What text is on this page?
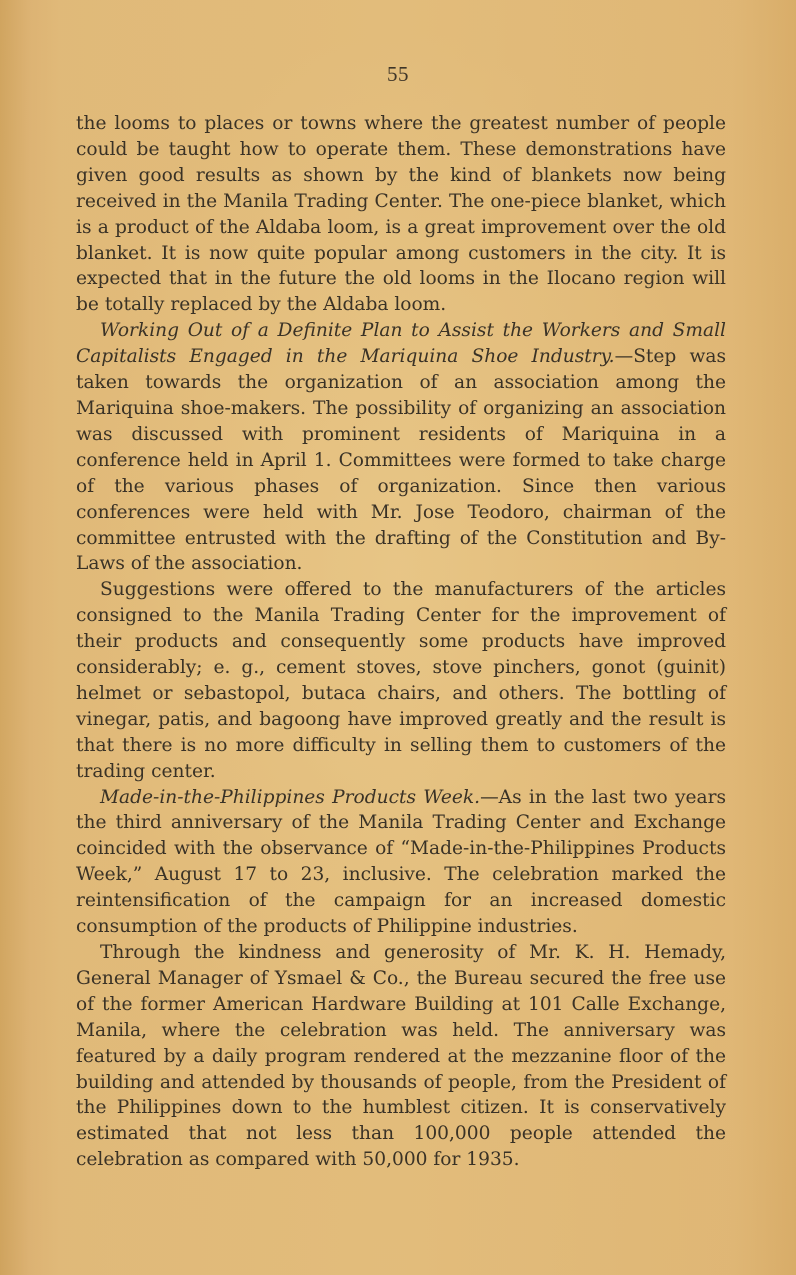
55

the looms to places or towns where the greatest number of people could be taught how to operate them. These demonstrations have given good results as shown by the kind of blankets now being received in the Manila Trading Center. The one-piece blanket, which is a product of the Aldaba loom, is a great improvement over the old blanket. It is now quite popular among customers in the city. It is expected that in the future the old looms in the Ilocano region will be totally replaced by the Aldaba loom.

Working Out of a Definite Plan to Assist the Workers and Small Capitalists Engaged in the Mariquina Shoe Industry.—Step was taken towards the organization of an association among the Mariquina shoe-makers. The possibility of organizing an association was discussed with prominent residents of Mariquina in a conference held in April 1. Committees were formed to take charge of the various phases of organization. Since then various conferences were held with Mr. Jose Teodoro, chairman of the committee entrusted with the drafting of the Constitution and By-Laws of the association.

Suggestions were offered to the manufacturers of the articles consigned to the Manila Trading Center for the improvement of their products and consequently some products have improved considerably; e. g., cement stoves, stove pinchers, gonot (guinit) helmet or sebastopol, butaca chairs, and others. The bottling of vinegar, patis, and bagoong have improved greatly and the result is that there is no more difficulty in selling them to customers of the trading center.

Made-in-the-Philippines Products Week.—As in the last two years the third anniversary of the Manila Trading Center and Exchange coincided with the observance of “Made-in-the-Philippines Products Week,” August 17 to 23, inclusive. The celebration marked the reintensification of the campaign for an increased domestic consumption of the products of Philippine industries.

Through the kindness and generosity of Mr. K. H. Hemady, General Manager of Ysmael & Co., the Bureau secured the free use of the former American Hardware Building at 101 Calle Exchange, Manila, where the celebration was held. The anniversary was featured by a daily program rendered at the mezzanine floor of the building and attended by thousands of people, from the President of the Philippines down to the humblest citizen. It is conservatively estimated that not less than 100,000 people attended the celebration as compared with 50,000 for 1935.
